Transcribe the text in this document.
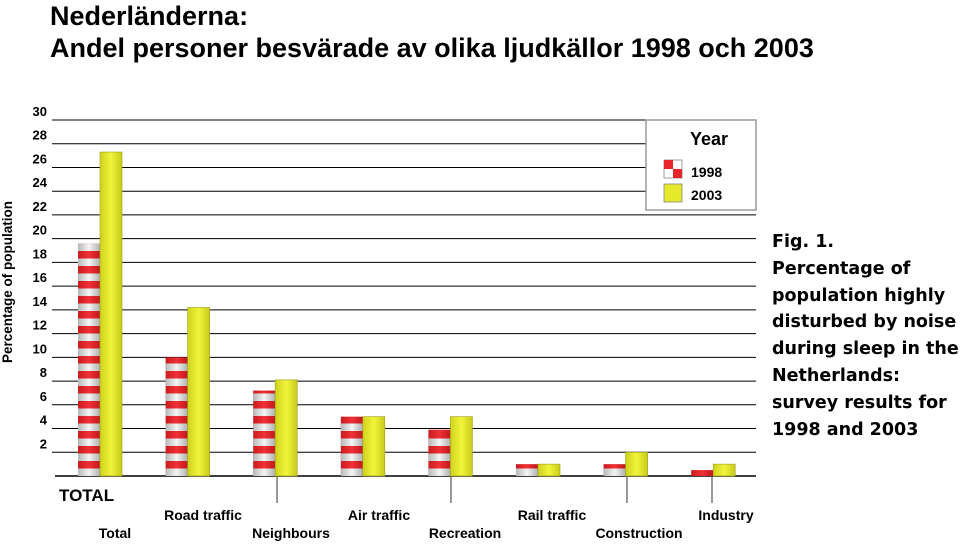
Nederländerna:
Andel personer besvärade av olika ljudkällor 1998 och 2003
2
4
6
8
10
12
14
16
18
20
22
24
26
28
30
Total
Road traffic
Neighbours
Air traffic
Recreation
Rail traffic
Construction
Industry
Percentage of population
TOTAL
Year
1998
2003
Fig. 1.
Percentage of
population highly
disturbed by noise
during sleep in the
Netherlands:
survey results for
1998 and 2003
